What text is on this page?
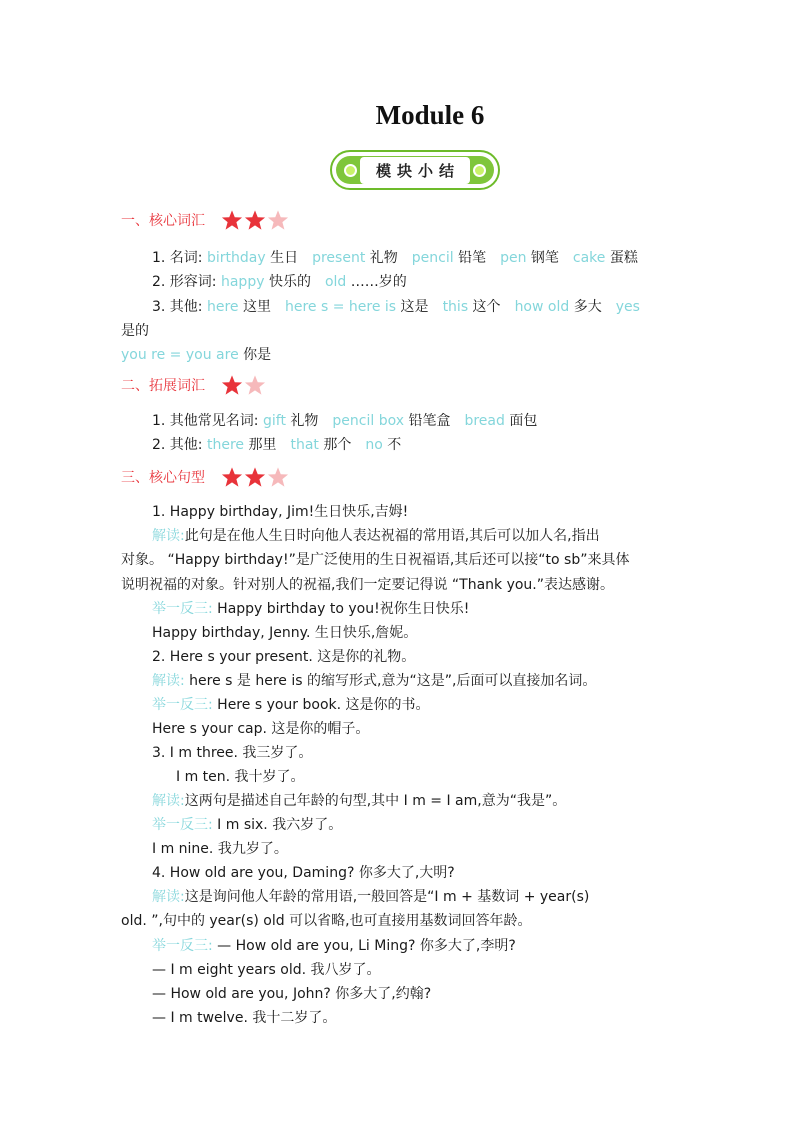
Module 6
模块小结
一、核心词汇
1. 名词: birthday 生日 present 礼物 pencil 铅笔 pen 钢笔 cake 蛋糕
2. 形容词: happy 快乐的 old ……岁的
3. 其他: here 这里 here s = here is 这是 this 这个 how old 多大 yes
是的
you re = you are 你是
二、拓展词汇
1. 其他常见名词: gift 礼物 pencil box 铅笔盒 bread 面包
2. 其他: there 那里 that 那个 no 不
三、核心句型
1. Happy birthday, Jim!生日快乐,吉姆!
解读:此句是在他人生日时向他人表达祝福的常用语,其后可以加人名,指出
对象。 “Happy birthday!”是广泛使用的生日祝福语,其后还可以接“to sb”来具体
说明祝福的对象。针对别人的祝福,我们一定要记得说 “Thank you.”表达感谢。
举一反三: Happy birthday to you!祝你生日快乐!
Happy birthday, Jenny. 生日快乐,詹妮。
2. Here s your present. 这是你的礼物。
解读: here s 是 here is 的缩写形式,意为“这是”,后面可以直接加名词。
举一反三: Here s your book. 这是你的书。
Here s your cap. 这是你的帽子。
3. I m three. 我三岁了。
I m ten. 我十岁了。
解读:这两句是描述自己年龄的句型,其中 I m = I am,意为“我是”。
举一反三: I m six. 我六岁了。
I m nine. 我九岁了。
4. How old are you, Daming? 你多大了,大明?
解读:这是询问他人年龄的常用语,一般回答是“I m + 基数词 + year(s)
old. ”,句中的 year(s) old 可以省略,也可直接用基数词回答年龄。
举一反三: — How old are you, Li Ming? 你多大了,李明?
— I m eight years old. 我八岁了。
— How old are you, John? 你多大了,约翰?
— I m twelve. 我十二岁了。
